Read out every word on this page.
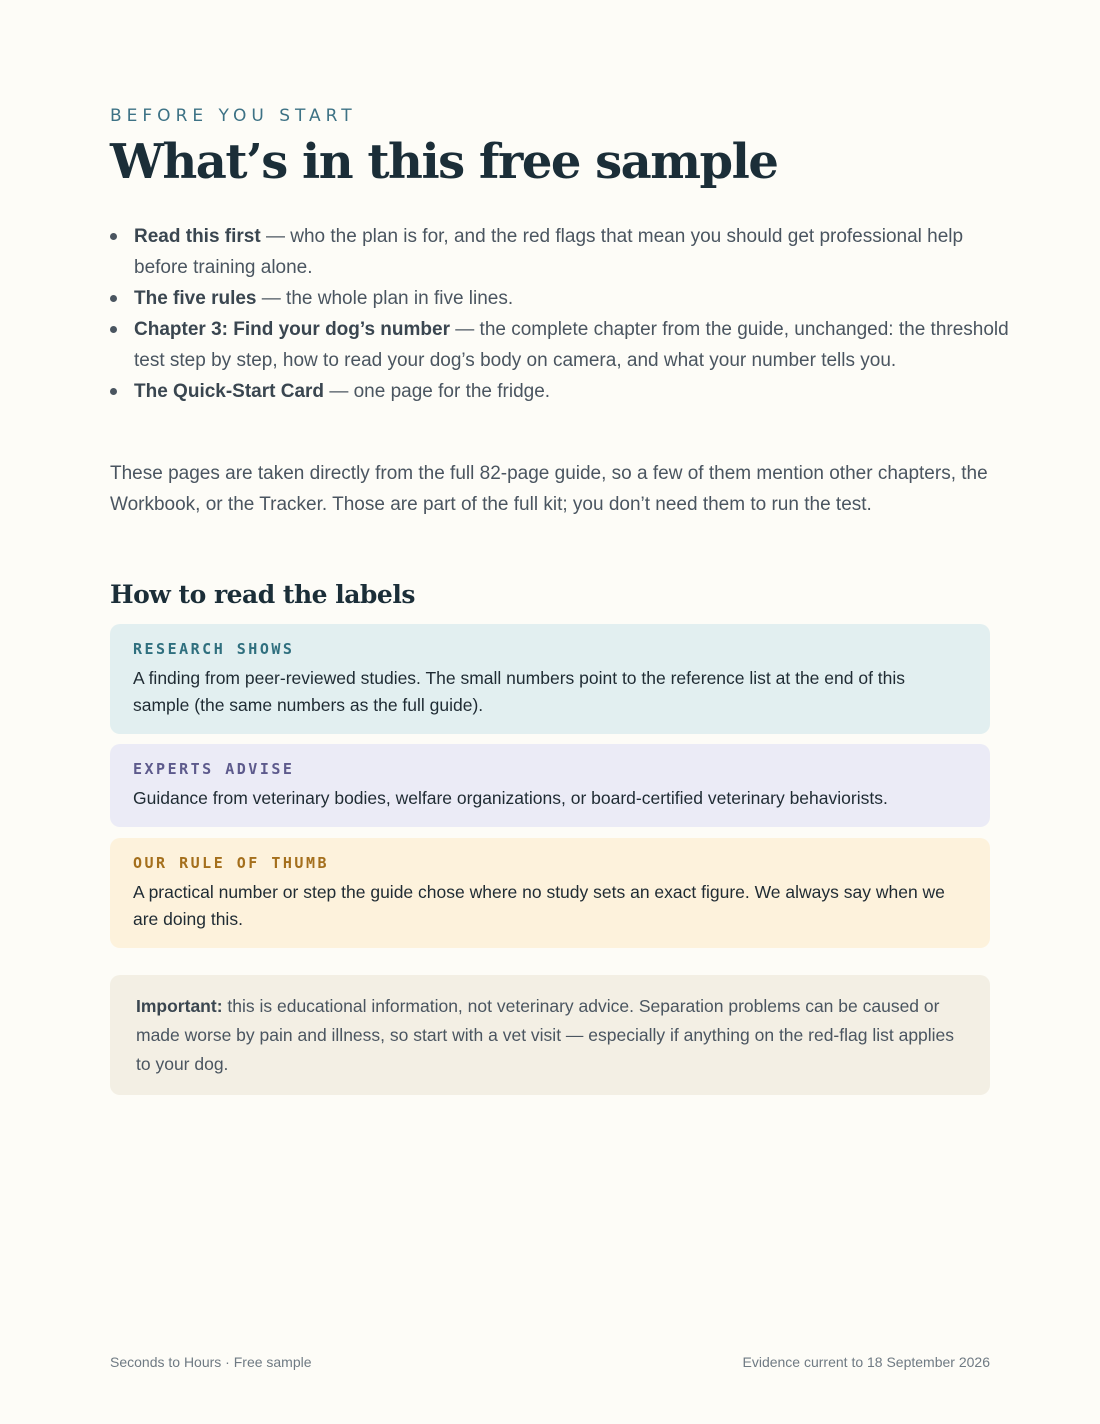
BEFORE YOU START
What’s in this free sample
Read this first — who the plan is for, and the red flags that mean you should get professional help before training alone.
The five rules — the whole plan in five lines.
Chapter 3: Find your dog’s number — the complete chapter from the guide, unchanged: the threshold test step by step, how to read your dog’s body on camera, and what your number tells you.
The Quick-Start Card — one page for the fridge.

These pages are taken directly from the full 82-page guide, so a few of them mention other chapters, the Workbook, or the Tracker. Those are part of the full kit; you don’t need them to run the test.

How to read the labels
RESEARCH SHOWS
A finding from peer-reviewed studies. The small numbers point to the reference list at the end of this sample (the same numbers as the full guide).
EXPERTS ADVISE
Guidance from veterinary bodies, welfare organizations, or board-certified veterinary behaviorists.
OUR RULE OF THUMB
A practical number or step the guide chose where no study sets an exact figure. We always say when we are doing this.
Important: this is educational information, not veterinary advice. Separation problems can be caused or made worse by pain and illness, so start with a vet visit — especially if anything on the red-flag list applies to your dog.
Seconds to Hours · Free sample	Evidence current to 18 September 2026
